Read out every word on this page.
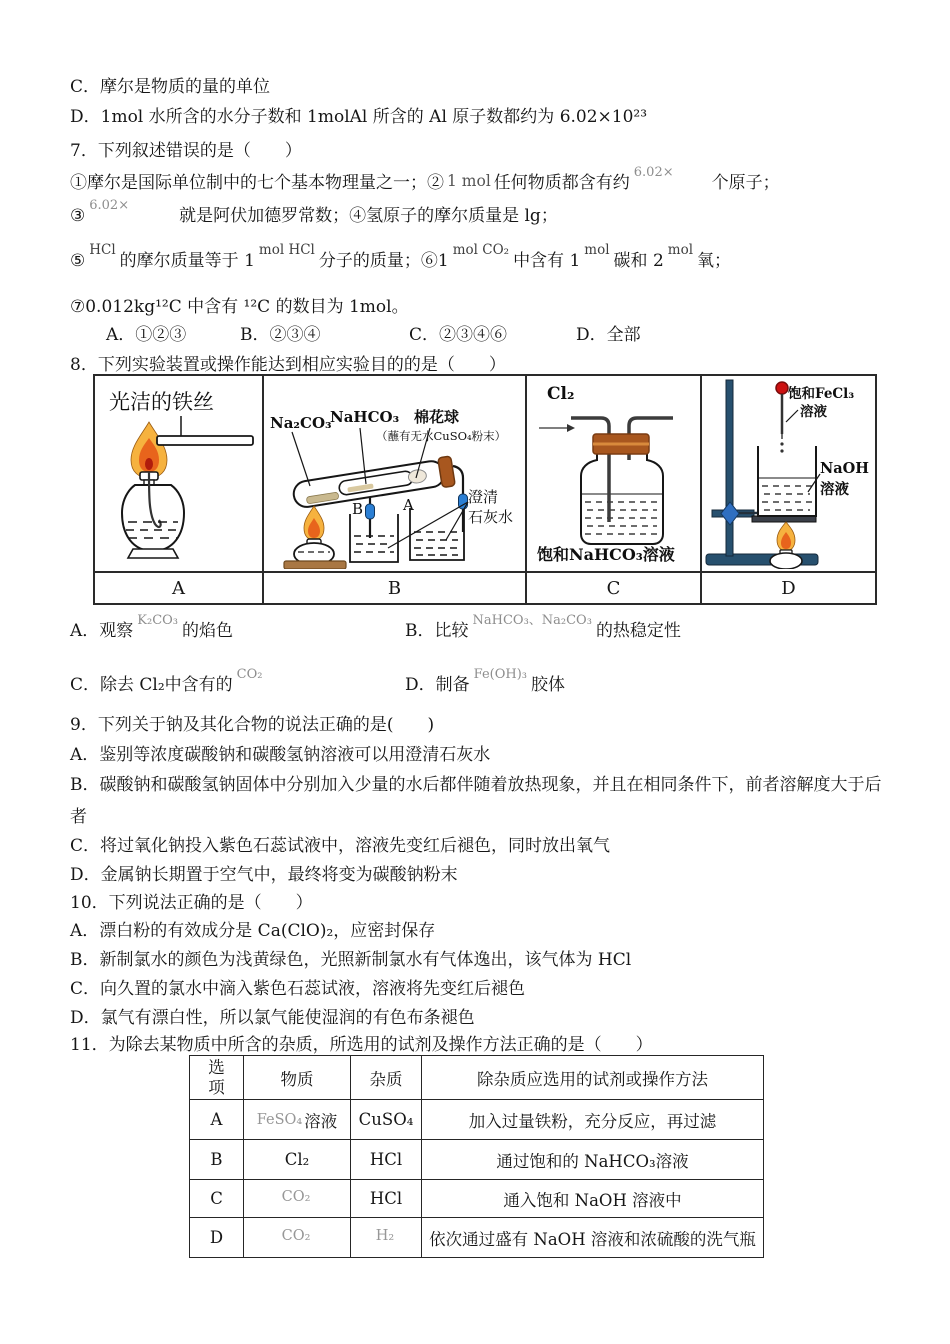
C．摩尔是物质的量的单位
D．1mol 水所含的水分子数和 1molAl 所含的 Al 原子数都约为 6.02×10²³
7．下列叙述错误的是（　　）
①摩尔是国际单位制中的七个基本物理量之一；② 1 mol 任何物质都含有约6.02×个原子；
③6.02×就是阿伏加德罗常数；④氢原子的摩尔质量是 lg；
⑤HCl的摩尔质量等于 1mol HCl分子的质量；⑥1mol CO₂中含有 1mol碳和 2mol氧；
⑦0.012kg¹²C 中含有 ¹²C 的数目为 1mol。
A．①②③	B．②③④	C．②③④⑥	D．全部
8．下列实验装置或操作能达到相应实验目的的是（　　）
光洁的铁丝

Na₂CO₃
NaHCO₃ 棉花球
（蘸有无水CuSO₄粉末）
B	A	澄清
石灰水

Cl₂
饱和NaHCO₃溶液

饱和FeCl₃
溶液
NaOH
溶液

A	B	C	D
A．观察K₂CO₃的焰色	B．比较NaHCO₃、Na₂CO₃的热稳定性
C．除去 Cl₂中含有的CO₂
D．制备Fe(OH)₃胶体
9．下列关于钠及其化合物的说法正确的是(　　)
A．鉴别等浓度碳酸钠和碳酸氢钠溶液可以用澄清石灰水
B．碳酸钠和碳酸氢钠固体中分别加入少量的水后都伴随着放热现象，并且在相同条件下，前者溶解度大于后
者
C．将过氧化钠投入紫色石蕊试液中，溶液先变红后褪色，同时放出氧气
D．金属钠长期置于空气中，最终将变为碳酸钠粉末
10．下列说法正确的是（　　）
A．漂白粉的有效成分是 Ca(ClO)₂，应密封保存
B．新制氯水的颜色为浅黄绿色，光照新制氯水有气体逸出，该气体为 HCl
C．向久置的氯水中滴入紫色石蕊试液，溶液将先变红后褪色
D．氯气有漂白性，所以氯气能使湿润的有色布条褪色
11．为除去某物质中所含的杂质，所选用的试剂及操作方法正确的是（　　）
选项	物质	杂质	除杂质应选用的试剂或操作方法
A	FeSO₄ 溶液	CuSO₄	加入过量铁粉，充分反应，再过滤
B	Cl₂	HCl	通过饱和的 NaHCO₃溶液
C	CO₂	HCl	通入饱和 NaOH 溶液中
D	CO₂	H₂	依次通过盛有 NaOH 溶液和浓硫酸的洗气瓶
